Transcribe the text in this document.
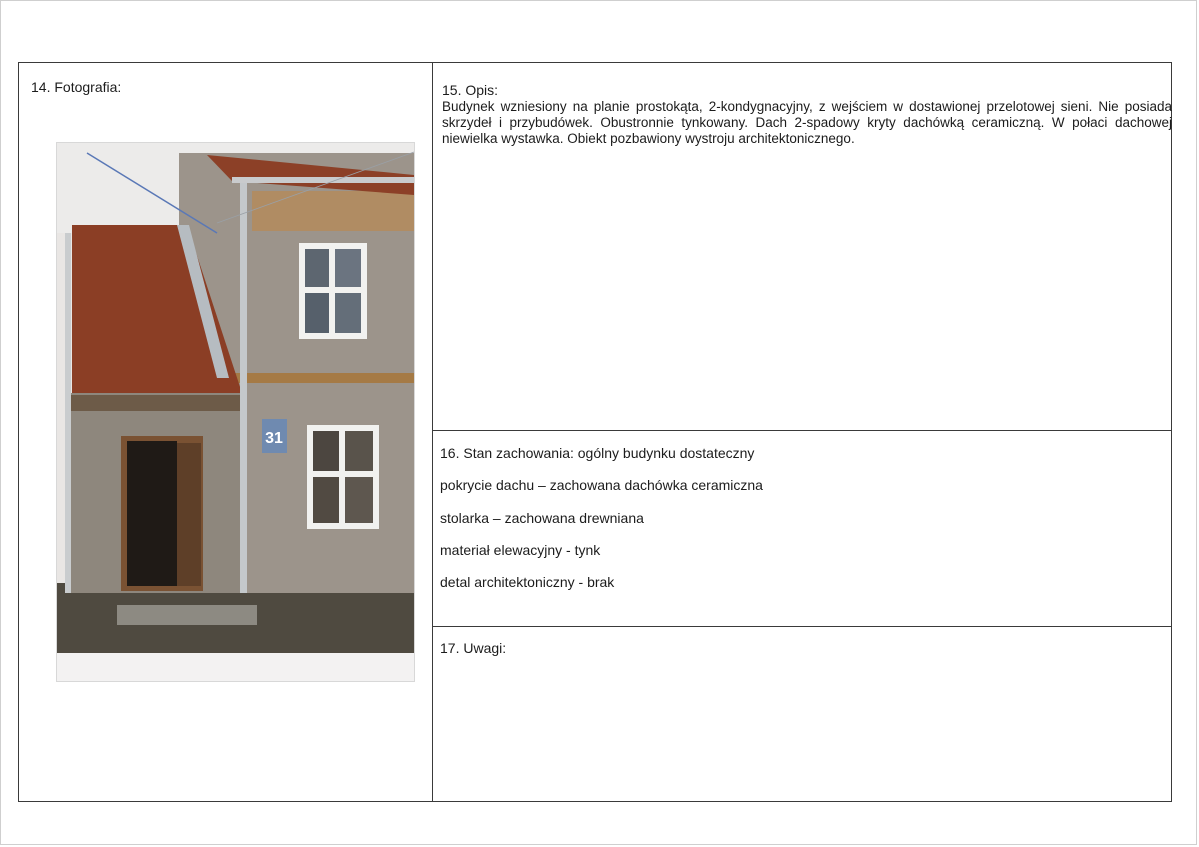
14. Fotografia:	15. Opis:
Budynek wzniesiony na planie prostokąta, 2-kondygnacyjny, z wejściem w dostawionej przelotowej sieni. Nie posiada skrzydeł i przybudówek. Obustronnie tynkowany. Dach 2-spadowy kryty dachówką ceramiczną. W połaci dachowej niewielka wystawka. Obiekt pozbawiony wystroju architektonicznego.
16. Stan zachowania: ogólny budynku dostateczny
pokrycie dachu – zachowana dachówka ceramiczna
stolarka – zachowana drewniana
materiał elewacyjny - tynk
detal architektoniczny - brak
17. Uwagi:
31
